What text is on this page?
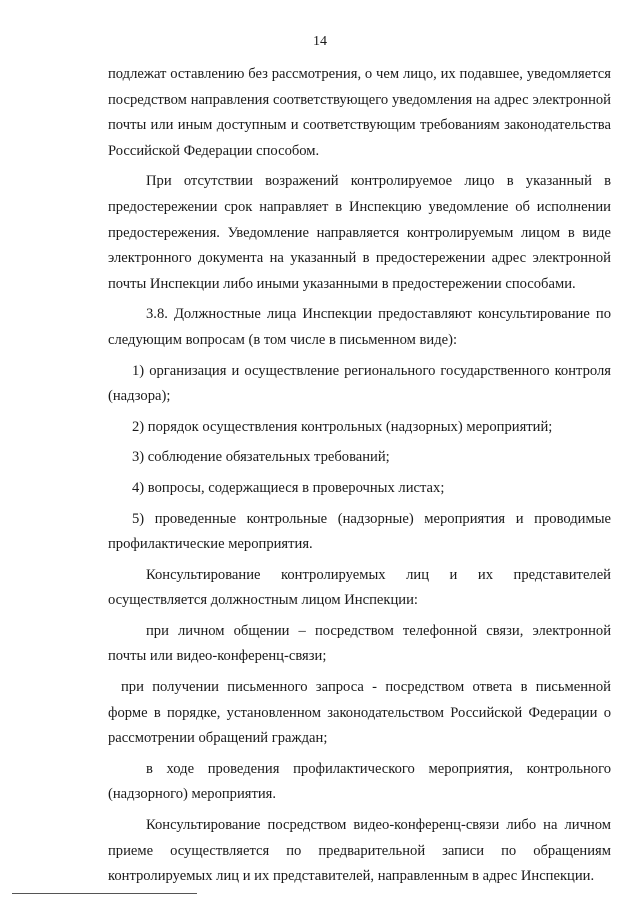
14

подлежат оставлению без рассмотрения, о чем лицо, их подавшее, уведомляется посредством направления соответствующего уведомления на адрес электронной почты или иным доступным и соответствующим требованиям законодательства Российской Федерации способом.

При отсутствии возражений контролируемое лицо в указанный в предостережении срок направляет в Инспекцию уведомление об исполнении предостережения. Уведомление направляется контролируемым лицом в виде электронного документа на указанный в предостережении адрес электронной почты Инспекции либо иными указанными в предостережении способами.

3.8. Должностные лица Инспекции предоставляют консультирование по следующим вопросам (в том числе в письменном виде):

1) организация и осуществление регионального государственного контроля (надзора);

2) порядок осуществления контрольных (надзорных) мероприятий;

3) соблюдение обязательных требований;

4) вопросы, содержащиеся в проверочных листах;

5) проведенные контрольные (надзорные) мероприятия и проводимые профилактические мероприятия.

Консультирование контролируемых лиц и их представителей осуществляется должностным лицом Инспекции:

при личном общении – посредством телефонной связи, электронной почты или видео-конференц-связи;

при получении письменного запроса - посредством ответа в письменной форме в порядке, установленном законодательством Российской Федерации о рассмотрении обращений граждан;

в ходе проведения профилактического мероприятия, контрольного (надзорного) мероприятия.

Консультирование посредством видео-конференц-связи либо на личном приеме осуществляется по предварительной записи по обращениям контролируемых лиц и их представителей, направленным в адрес Инспекции.
